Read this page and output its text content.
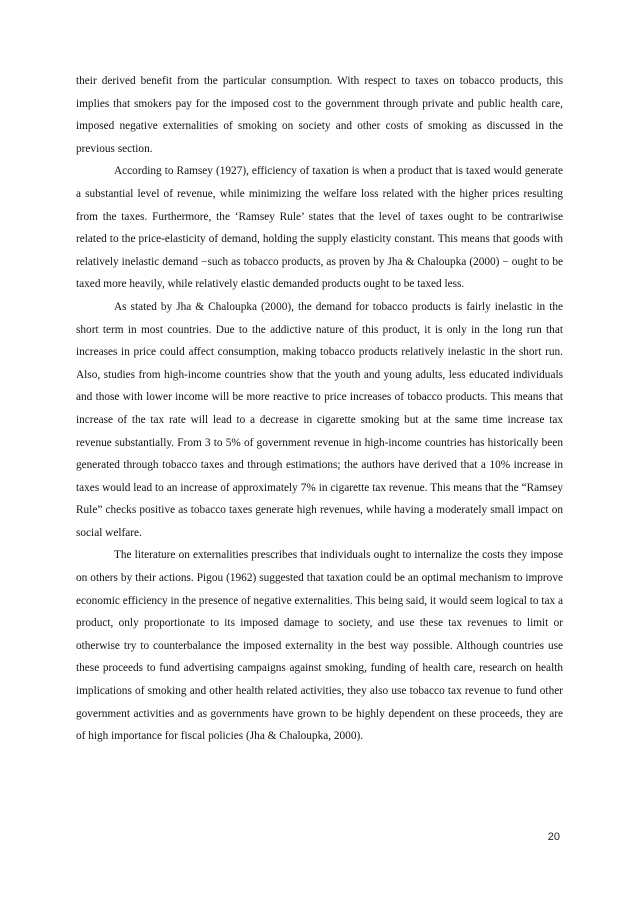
their derived benefit from the particular consumption. With respect to taxes on tobacco products, this implies that smokers pay for the imposed cost to the government through private and public health care, imposed negative externalities of smoking on society and other costs of smoking as discussed in the previous section.

According to Ramsey (1927), efficiency of taxation is when a product that is taxed would generate a substantial level of revenue, while minimizing the welfare loss related with the higher prices resulting from the taxes. Furthermore, the ‘Ramsey Rule’ states that the level of taxes ought to be contrariwise related to the price-elasticity of demand, holding the supply elasticity constant. This means that goods with relatively inelastic demand −such as tobacco products, as proven by Jha & Chaloupka (2000) − ought to be taxed more heavily, while relatively elastic demanded products ought to be taxed less.

As stated by Jha & Chaloupka (2000), the demand for tobacco products is fairly inelastic in the short term in most countries. Due to the addictive nature of this product, it is only in the long run that increases in price could affect consumption, making tobacco products relatively inelastic in the short run. Also, studies from high-income countries show that the youth and young adults, less educated individuals and those with lower income will be more reactive to price increases of tobacco products. This means that increase of the tax rate will lead to a decrease in cigarette smoking but at the same time increase tax revenue substantially. From 3 to 5% of government revenue in high-income countries has historically been generated through tobacco taxes and through estimations; the authors have derived that a 10% increase in taxes would lead to an increase of approximately 7% in cigarette tax revenue. This means that the “Ramsey Rule” checks positive as tobacco taxes generate high revenues, while having a moderately small impact on social welfare.

The literature on externalities prescribes that individuals ought to internalize the costs they impose on others by their actions. Pigou (1962) suggested that taxation could be an optimal mechanism to improve economic efficiency in the presence of negative externalities. This being said, it would seem logical to tax a product, only proportionate to its imposed damage to society, and use these tax revenues to limit or otherwise try to counterbalance the imposed externality in the best way possible. Although countries use these proceeds to fund advertising campaigns against smoking, funding of health care, research on health implications of smoking and other health related activities, they also use tobacco tax revenue to fund other government activities and as governments have grown to be highly dependent on these proceeds, they are of high importance for fiscal policies (Jha & Chaloupka, 2000).

20
